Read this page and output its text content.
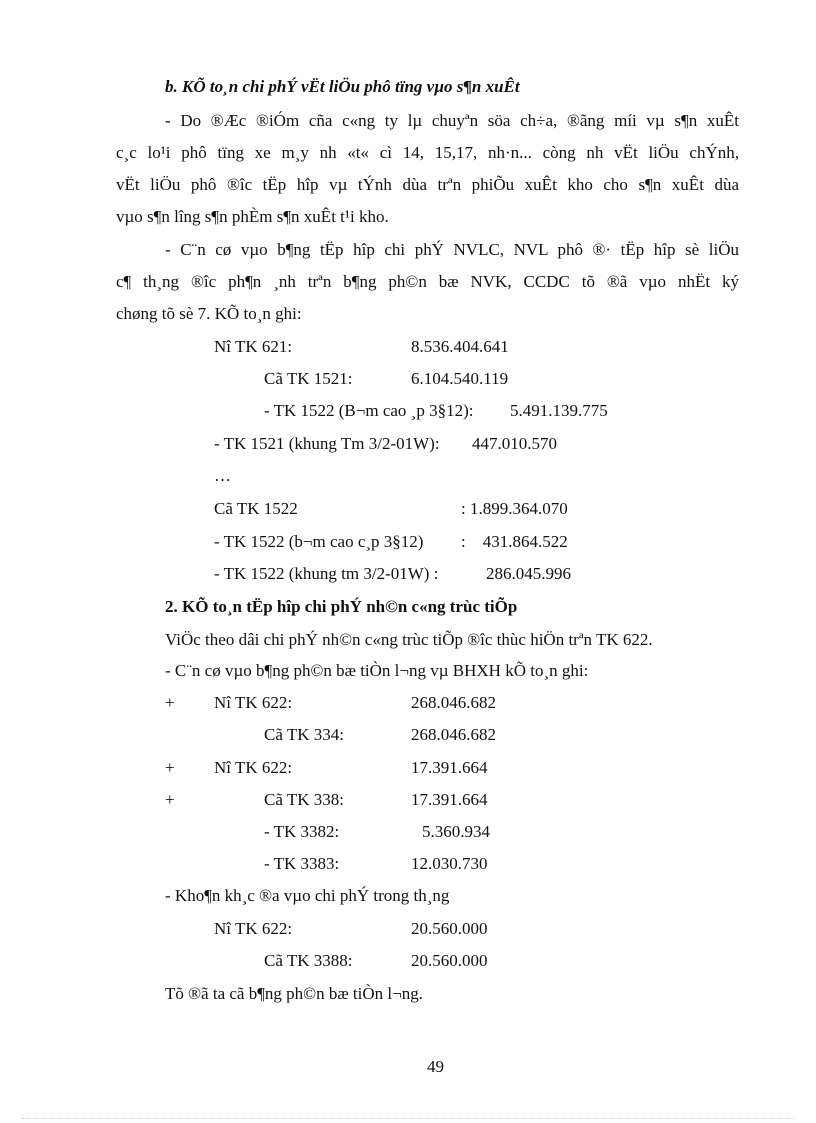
b. KÕ to¸n chi phÝ vËt liÖu phô tïng vµo s¶n xuÊt
- Do ®Æc ®iÓm cña c«ng ty lµ chuyªn söa ch÷a, ®ãng míi vµ s¶n xuÊt
c¸c lo¹i phô tïng xe m¸y nh «t« cì 14, 15,17, nh·n... còng nh vËt liÖu chÝnh,
vËt liÖu phô ®îc tËp hîp vµ tÝnh dùa trªn phiÕu xuÊt kho cho s¶n xuÊt dùa
vµo s¶n lîng s¶n phÈm s¶n xuÊt t¹i kho.
- C¨n cø vµo b¶ng tËp hîp chi phÝ NVLC, NVL phô ®· tËp hîp sè liÖu
c¶ th¸ng ®îc ph¶n ¸nh trªn b¶ng ph©n bæ NVK, CCDC tõ ®ã vµo nhËt ký
chøng tõ sè 7. KÕ to¸n ghi:
Nî TK 621:	8.536.404.641
Cã TK 1521:	6.104.540.119
- TK 1522 (B¬m cao ¸p 3§12): 5.491.139.775
- TK 1521 (khung Tm 3/2-01W): 447.010.570
…
Cã TK 1522	: 1.899.364.070
- TK 1522 (b¬m cao c¸p 3§12) :    431.864.522
- TK 1522 (khung tm 3/2-01W) :	286.045.996
2. KÕ to¸n tËp hîp chi phÝ nh©n c«ng trùc tiÕp
ViÖc theo dâi chi phÝ nh©n c«ng trùc tiÕp ®îc thùc hiÖn trªn TK 622.
- C¨n cø vµo b¶ng ph©n bæ tiÒn l¬ng vµ BHXH kÕ to¸n ghi:
+ Nî TK 622:	268.046.682
Cã TK 334:	268.046.682
+ Nî TK 622:	17.391.664
+	Cã TK 338:	17.391.664
- TK 3382:	5.360.934
- TK 3383:	12.030.730
- Kho¶n kh¸c ®a vµo chi phÝ trong th¸ng
Nî TK 622:	20.560.000
Cã TK 3388:	20.560.000
Tõ ®ã ta cã b¶ng ph©n bæ tiÒn l¬ng.
49
